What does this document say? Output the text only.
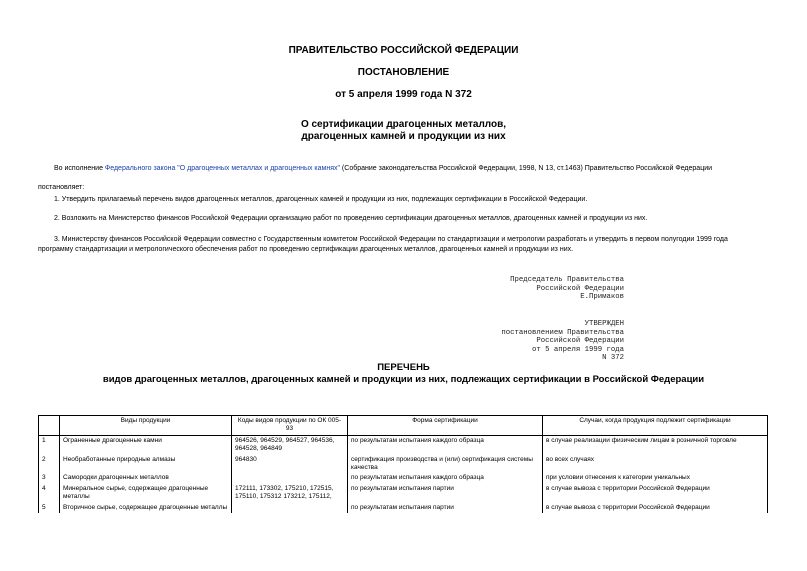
ПРАВИТЕЛЬСТВО РОССИЙСКОЙ ФЕДЕРАЦИИ
ПОСТАНОВЛЕНИЕ
от 5 апреля 1999 года N 372
О сертификации драгоценных металлов,
драгоценных камней и продукции из них
Во исполнение Федерального закона "О драгоценных металлах и драгоценных камнях" (Собрание законодательства Российской Федерации, 1998, N 13, ст.1463) Правительство Российской Федерации
постановляет:
1. Утвердить прилагаемый перечень видов драгоценных металлов, драгоценных камней и продукции из них, подлежащих сертификации в Российской Федерации.
2. Возложить на Министерство финансов Российской Федерации организацию работ по проведению сертификации драгоценных металлов, драгоценных камней и продукции из них.
3. Министерству финансов Российской Федерации совместно с Государственным комитетом Российской Федерации по стандартизации и метрологии разработать и утвердить в первом полугодии 1999 года
программу стандартизации и метрологического обеспечения работ по проведению сертификации драгоценных металлов, драгоценных камней и продукции из них.
Председатель Правительства
Российской Федерации
Е.Примаков
УТВЕРЖДЕН
постановлением Правительства
Российской Федерации
от 5 апреля 1999 года
N 372
ПЕРЕЧЕНЬ
видов драгоценных металлов, драгоценных камней и продукции из них, подлежащих сертификации в Российской Федерации
	Виды продукции	Коды видов продукции по ОК 005-93	Форма сертификации	Случаи, когда продукция подлежит сертификации
1	Ограненные драгоценные камни	964526, 964529, 964527, 964536, 964528, 964849	по результатам испытания каждого образца	в случае реализации физическим лицам в розничной торговле
2	Необработанные природные алмазы	964830	сертификация производства и (или) сертификация системы качества	во всех случаях
3	Самородки драгоценных металлов		по результатам испытания каждого образца	при условии отнесения к категории уникальных
4	Минеральное сырье, содержащее драгоценные металлы	172111, 173302, 175210, 172515, 175110, 175312 173212, 175112,	по результатам испытания партии	в случае вывоза с территории Российской Федерации
5	Вторичное сырье, содержащее драгоценные металлы		по результатам испытания партии	в случае вывоза с территории Российской Федерации
